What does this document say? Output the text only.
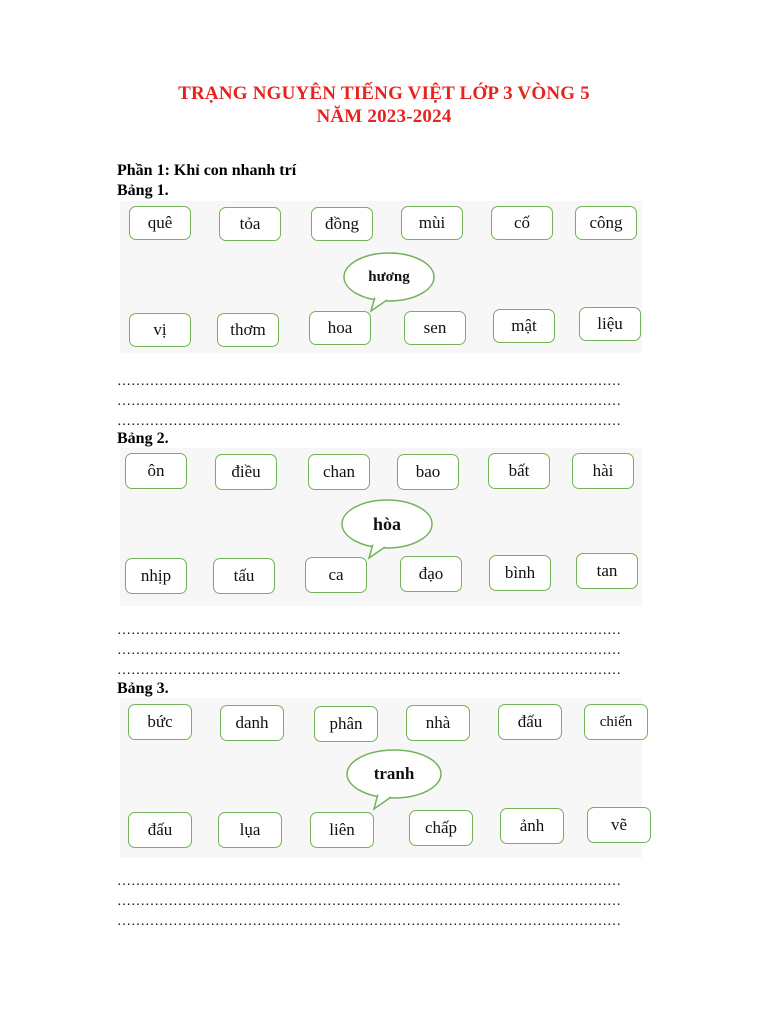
TRẠNG NGUYÊN TIẾNG VIỆT LỚP 3 VÒNG 5
NĂM 2023-2024
Phần 1: Khỉ con nhanh trí
Bảng 1.
quê	tỏa	đồng	mùi	cố	công
hương
vị	thơm	hoa	sen	mật	liệu
………………………………………………………………………………………………
………………………………………………………………………………………………
………………………………………………………………………………………………
Bảng 2.
ôn	điều	chan	bao	bất	hài
hòa
nhịp	tấu	ca	đạo	bình	tan
………………………………………………………………………………………………
………………………………………………………………………………………………
………………………………………………………………………………………………
Bảng 3.
bức	danh	phân	nhà	đấu	chiến
tranh
đấu	lụa	liên	chấp	ảnh	vẽ
………………………………………………………………………………………………
………………………………………………………………………………………………
………………………………………………………………………………………………
